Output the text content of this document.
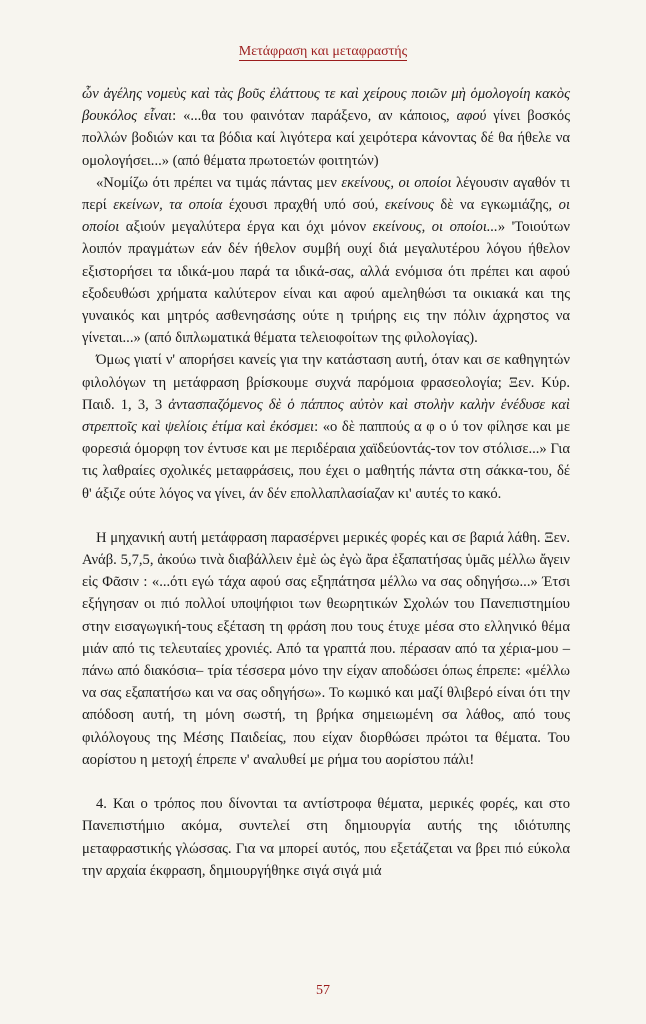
Μετάφραση και μεταφραστής

ὧν ἀγέλης νομεὺς καὶ τὰς βοῦς ἐλάττους τε καὶ χείρους ποιῶν μὴ ὁμολογοίη κακὸς βουκόλος εἶναι: «...θα του φαινόταν παράξενο, αν κάποιος, αφού γίνει βοσκός πολλών βοδιών και τα βόδια καί λιγότερα καί χειρότερα κάνοντας δέ θα ήθελε να ομολογήσει...» (από θέματα πρωτοετών φοιτητών)

«Νομίζω ότι πρέπει να τιμάς πάντας μεν εκείνους, οι οποίοι λέγουσιν αγαθόν τι περί εκείνων, τα οποία έχουσι πραχθή υπό σού, εκείνους δὲ να εγκωμιάζης, οι οποίοι αξιούν μεγαλύτερα έργα και όχι μόνον εκείνους, οι οποίοι...» 'Τοιούτων λοιπόν πραγμάτων εάν δέν ήθελον συμβή ουχί διά μεγαλυτέρου λόγου ήθελον εξιστορήσει τα ιδικά-μου παρά τα ιδικά-σας, αλλά ενόμισα ότι πρέπει και αφού εξοδευθώσι χρήματα καλύτερον είναι και αφού αμεληθώσι τα οικιακά και της γυναικός και μητρός ασθενησάσης ούτε η τριήρης εις την πόλιν άχρηστος να γίνεται...» (από διπλωματικά θέματα τελειοφοίτων της φιλολογίας).

Όμως γιατί ν' απορήσει κανείς για την κατάσταση αυτή, όταν και σε καθηγητών φιλολόγων τη μετάφραση βρίσκουμε συχνά παρόμοια φρασεολογία; Ξεν. Κύρ. Παιδ. 1, 3, 3 ἀντασπαζόμενος δὲ ὁ πάππος αὐτὸν καὶ στολὴν καλὴν ἐνέδυσε καὶ στρεπτοῖς καὶ ψελίοις ἐτίμα καὶ ἐκόσμει: «ο δὲ παππούς α φ ο ύ τον φίλησε και με φορεσιά όμορφη τον έντυσε και με περιδέραια χαϊδεύοντάς-τον τον στόλισε...» Για τις λαθραίες σχολικές μεταφράσεις, που έχει ο μαθητής πάντα στη σάκκα-του, δέ θ' άξιζε ούτε λόγος να γίνει, άν δέν επολλαπλασίαζαν κι' αυτές το κακό.

Η μηχανική αυτή μετάφραση παρασέρνει μερικές φορές και σε βαριά λάθη. Ξεν. Ανάβ. 5,7,5, ἀκούω τινὰ διαβάλλειν ἐμὲ ὡς ἐγὼ ἄρα ἐξαπατήσας ὑμᾶς μέλλω ἄγειν εἰς Φᾶσιν : «...ότι εγώ τάχα αφού σας εξηπάτησα μέλλω να σας οδηγήσω...» Έτσι εξήγησαν οι πιό πολλοί υποψήφιοι των θεωρητικών Σχολών του Πανεπιστημίου στην εισαγωγική-τους εξέταση τη φράση που τους έτυχε μέσα στο ελληνικό θέμα μιάν από τις τελευταίες χρονιές. Από τα γραπτά που. πέρασαν από τα χέρια-μου –πάνω από διακόσια– τρία τέσσερα μόνο την είχαν αποδώσει όπως έπρεπε: «μέλλω να σας εξαπατήσω και να σας οδηγήσω». Το κωμικό και μαζί θλιβερό είναι ότι την απόδοση αυτή, τη μόνη σωστή, τη βρήκα σημειωμένη σα λάθος, από τους φιλόλογους της Μέσης Παιδείας, που είχαν διορθώσει πρώτοι τα θέματα. Του αορίστου η μετοχή έπρεπε ν' αναλυθεί με ρήμα του αορίστου πάλι!

4. Και ο τρόπος που δίνονται τα αντίστροφα θέματα, μερικές φορές, και στο Πανεπιστήμιο ακόμα, συντελεί στη δημιουργία αυτής της ιδιότυπης μεταφραστικής γλώσσας. Για να μπορεί αυτός, που εξετάζεται να βρει πιό εύκολα την αρχαία έκφραση, δημιουργήθηκε σιγά σιγά μιά

57
